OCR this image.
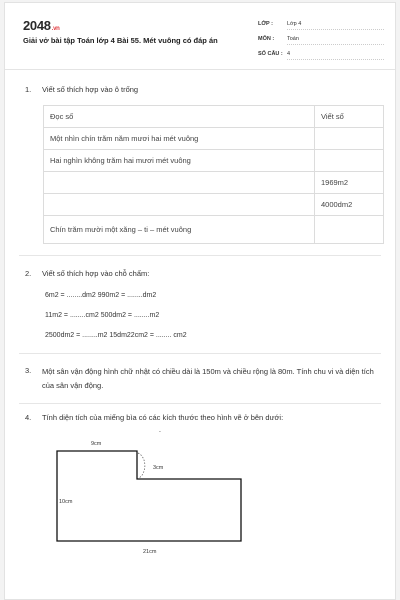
2048.vn
Giải vở bài tập Toán lớp 4 Bài 55. Mét vuông có đáp án
LỚP :	Lớp 4
MÔN : Toán
SỐ CÂU : 4
1. Viết số thích hợp vào ô trống
Đọc số	Viết số
Một nhìn chín trăm năm mươi hai mét vuông	
Hai nghìn không trăm hai mươi mét vuông	
	1969m2
	4000dm2
Chín trăm mười một xăng – ti – mét vuông	
2. Viết số thích hợp vào chỗ chấm:
6m2 = ........dm2 990m2 = ........dm2
11m2 = ........cm2 500dm2 = ........m2
2500dm2 = ........m2 15dm22cm2 = ........ cm2
3. Một sân vận động hình chữ nhật có chiều dài là 150m và chiều rộng là 80m. Tính chu vi và diện tích của sân vận động.
4. Tính diện tích của miếng bìa có các kích thước theo hình vẽ ở bên dưới:
-
9cm
3cm
10cm
21cm
